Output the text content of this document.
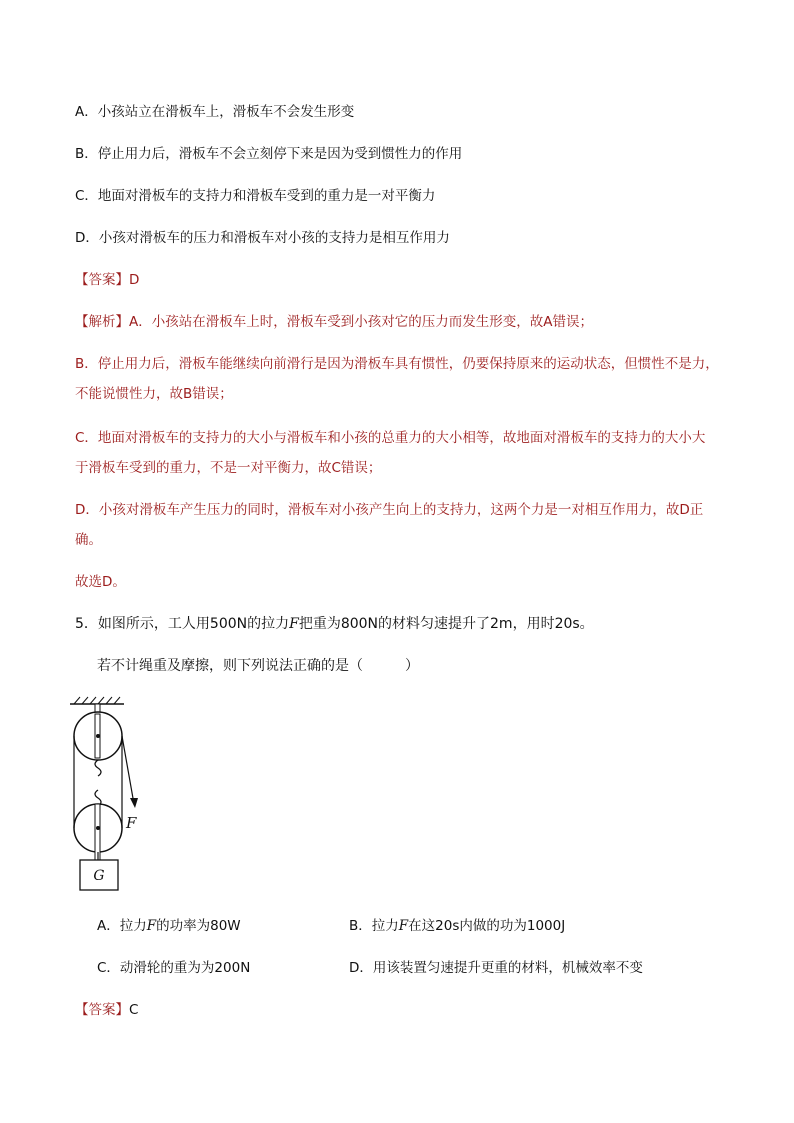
A．小孩站立在滑板车上，滑板车不会发生形变
B．停止用力后，滑板车不会立刻停下来是因为受到惯性力的作用
C．地面对滑板车的支持力和滑板车受到的重力是一对平衡力
D．小孩对滑板车的压力和滑板车对小孩的支持力是相互作用力
【答案】D
【解析】A．小孩站在滑板车上时，滑板车受到小孩对它的压力而发生形变，故A错误；
B．停止用力后，滑板车能继续向前滑行是因为滑板车具有惯性，仍要保持原来的运动状态，但惯性不是力，
不能说惯性力，故B错误；
C．地面对滑板车的支持力的大小与滑板车和小孩的总重力的大小相等，故地面对滑板车的支持力的大小大
于滑板车受到的重力，不是一对平衡力，故C错误；
D．小孩对滑板车产生压力的同时，滑板车对小孩产生向上的支持力，这两个力是一对相互作用力，故D正
确。
故选D。
5．如图所示，工人用500N的拉力F把重为800N的材料匀速提升了2m，用时20s。
若不计绳重及摩擦，则下列说法正确的是（　　　）
F
G
A．拉力F的功率为80W	B．拉力F在这20s内做的功为1000J
C．动滑轮的重为为200N	D．用该装置匀速提升更重的材料，机械效率不变
【答案】C
